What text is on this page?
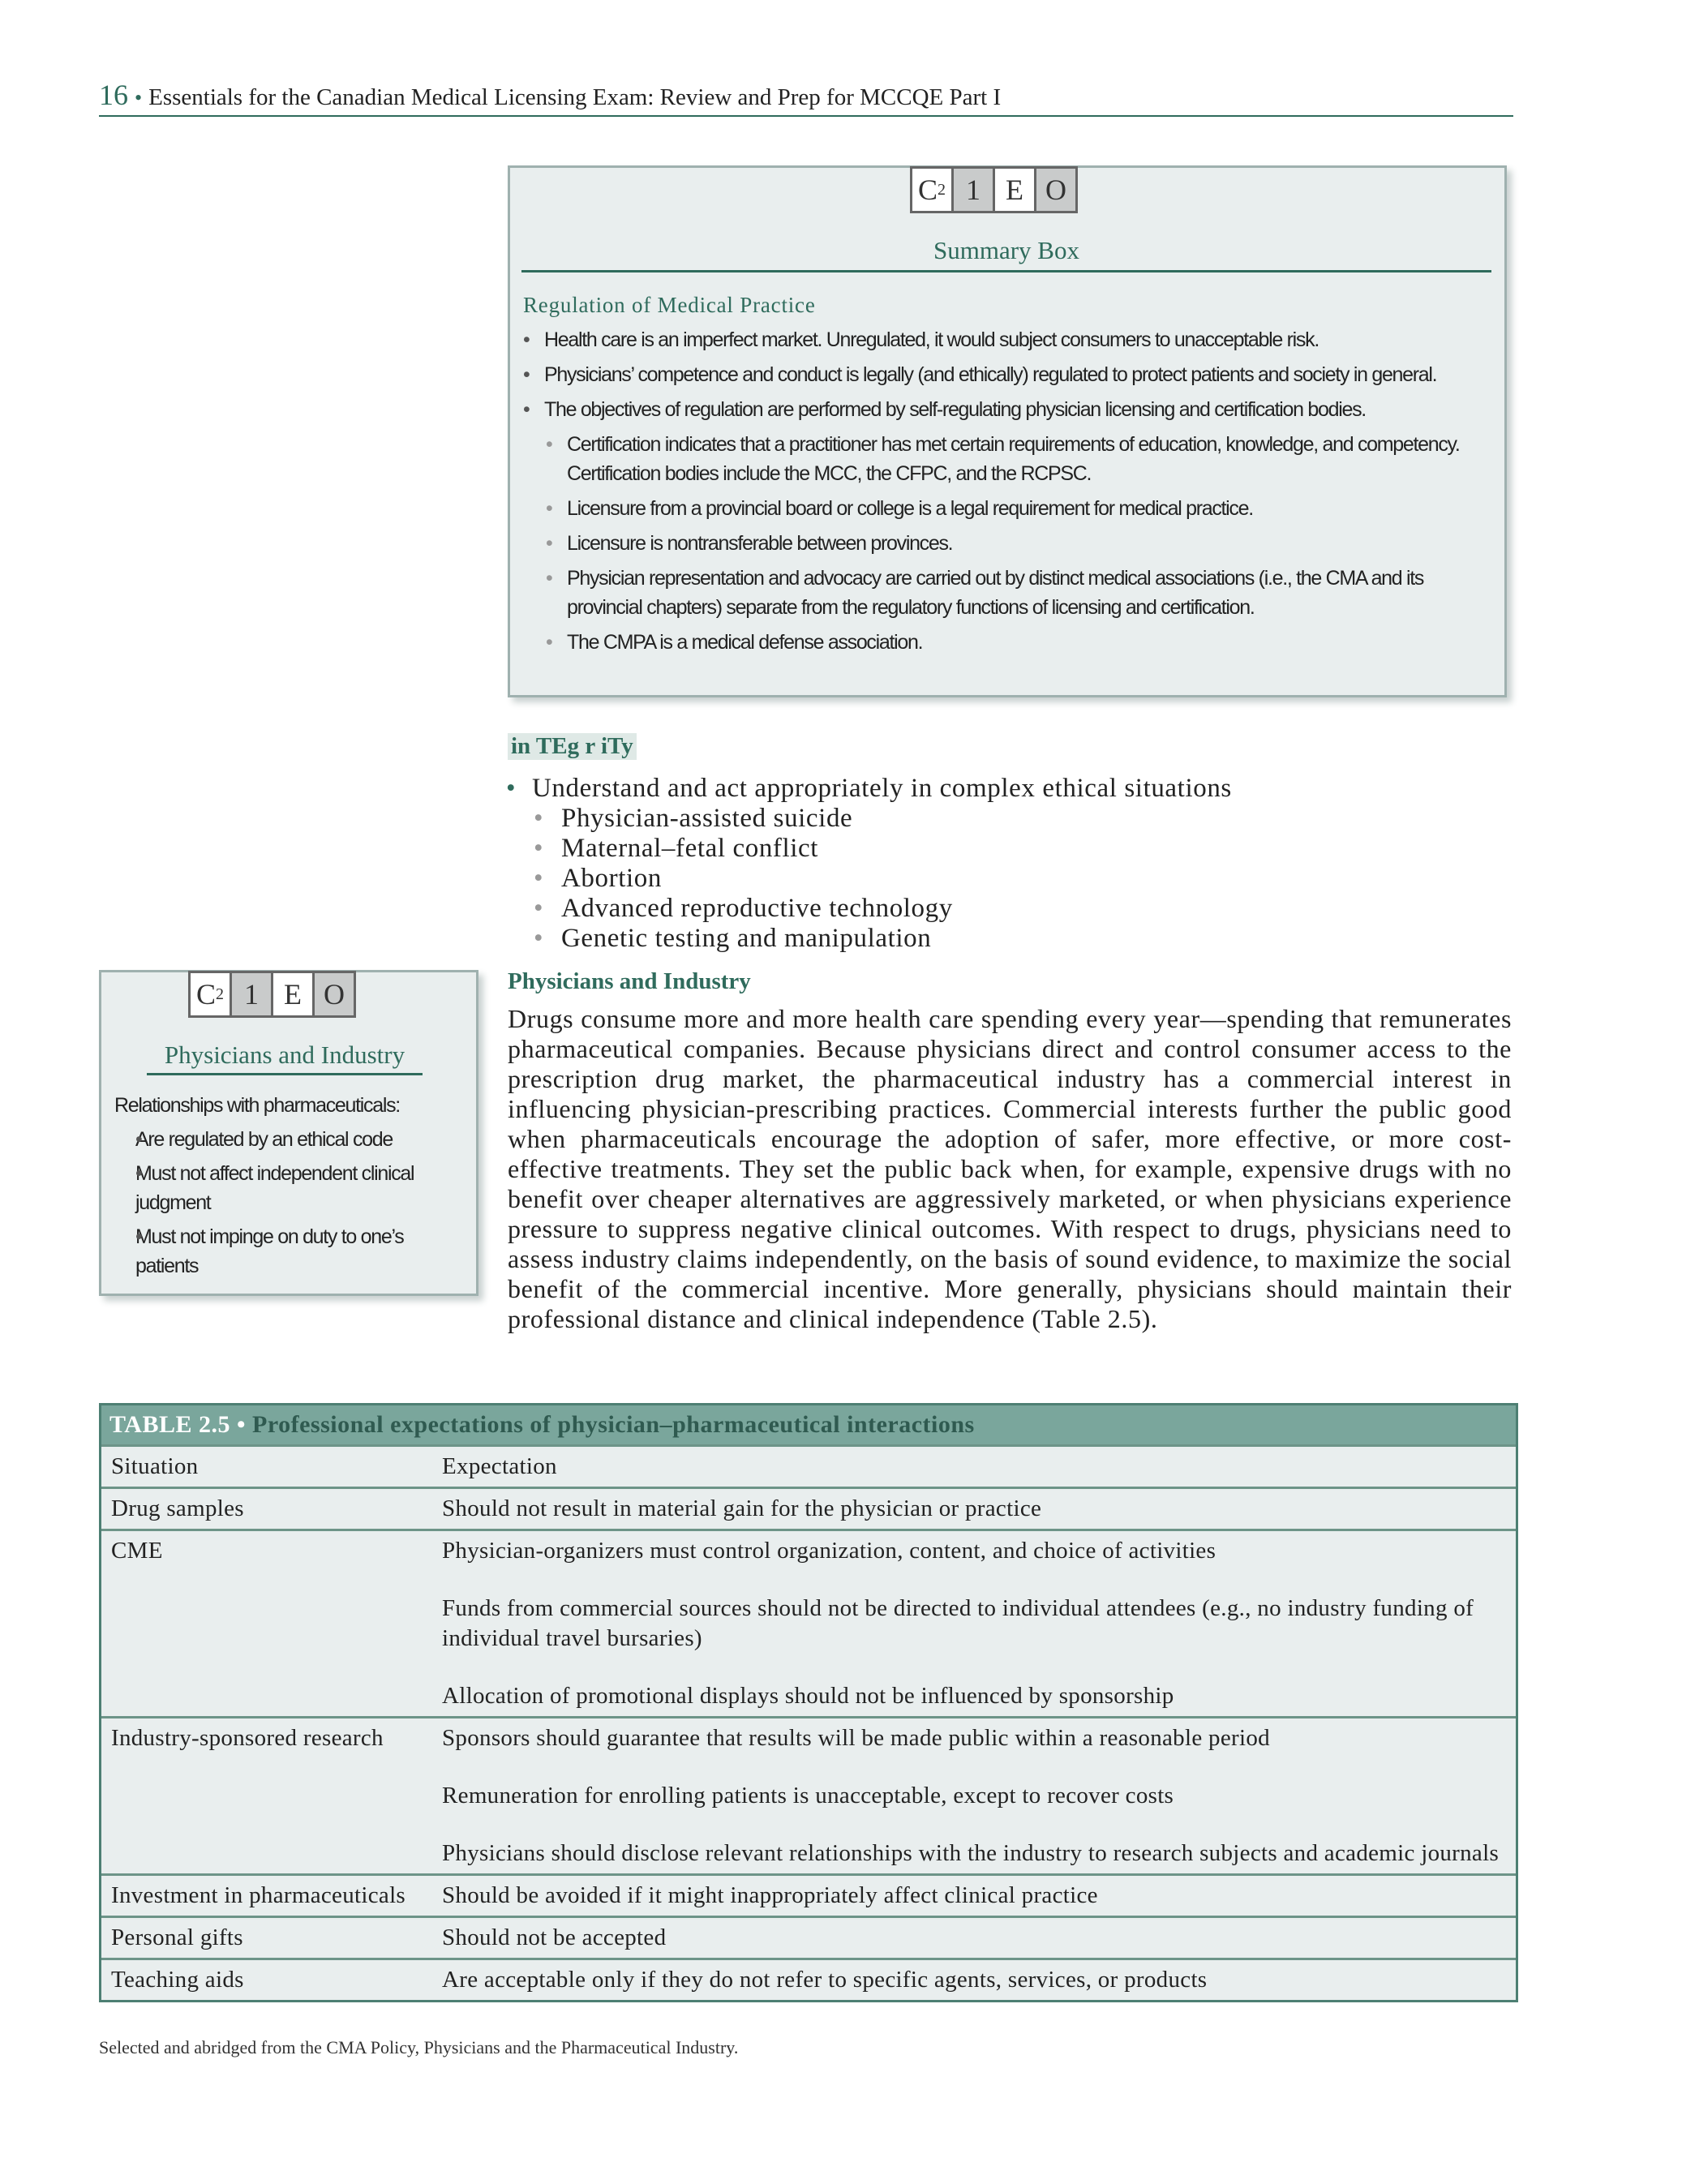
16 • Essentials for the Canadian Medical Licensing Exam: Review and Prep for MCCQE Part I
C 2 1 E O
Summary Box
Regulation of Medical Practice
• Health care is an imperfect market. Unregulated, it would subject consumers to unacceptable risk.
• Physicians’ competence and conduct is legally (and ethically) regulated to protect patients and society in general.
• The objectives of regulation are performed by self-regulating physician licensing and certification bodies.
• Certification indicates that a practitioner has met certain requirements of education, knowledge, and competency. Certification bodies include the MCC, the CFPC, and the RCPSC.
• Licensure from a provincial board or college is a legal requirement for medical practice.
• Licensure is nontransferable between provinces.
• Physician representation and advocacy are carried out by distinct medical associations (i.e., the CMA and its provincial chapters) separate from the regulatory functions of licensing and certification.
• The CMPA is a medical defense association.
in TEg r iTy
• Understand and act appropriately in complex ethical situations
• Physician-assisted suicide
• Maternal–fetal conflict
• Abortion
• Advanced reproductive technology
• Genetic testing and manipulation
C 2 1 E O
Physicians and Industry
Relationships with pharmaceuticals:
• Are regulated by an ethical code
• Must not affect independent clinical judgment
• Must not impinge on duty to one’s patients
Physicians and Industry

Drugs consume more and more health care spending every year—spending that remunerates pharmaceutical companies. Because physicians direct and control consumer access to the prescription drug market, the pharmaceutical industry has a commercial interest in influencing physician-prescribing practices. Commercial interests further the public good when pharmaceuticals encourage the adoption of safer, more effective, or more cost-effective treatments. They set the public back when, for example, expensive drugs with no benefit over cheaper alternatives are aggressively marketed, or when physicians experience pressure to suppress negative clinical outcomes. With respect to drugs, physicians need to assess industry claims independently, on the basis of sound evidence, to maximize the social benefit of the commercial incentive. More generally, physicians should maintain their professional distance and clinical independence (Table 2.5).

TABLE 2.5 • Professional expectations of physician–pharmaceutical interactions
Situation	Expectation
Drug samples	Should not result in material gain for the physician or practice

CME	Physician-organizers must control organization, content, and choice of activities

Funds from commercial sources should not be directed to individual attendees (e.g., no industry funding of individual travel bursaries)

Allocation of promotional displays should not be influenced by sponsorship

Industry-sponsored research	Sponsors should guarantee that results will be made public within a reasonable period

Remuneration for enrolling patients is unacceptable, except to recover costs

Physicians should disclose relevant relationships with the industry to research subjects and academic journals

Investment in pharmaceuticals	Should be avoided if it might inappropriately affect clinical practice

Personal gifts	Should not be accepted

Teaching aids	Are acceptable only if they do not refer to specific agents, services, or products

Selected and abridged from the CMA Policy, Physicians and the Pharmaceutical Industry.
